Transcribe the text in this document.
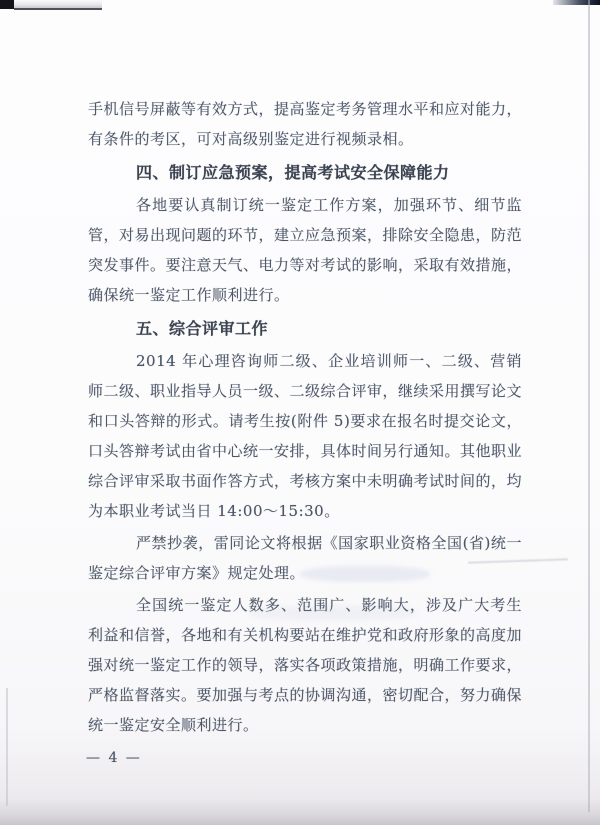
手机信号屏蔽等有效方式，提高鉴定考务管理水平和应对能力，有条件的考区，可对高级别鉴定进行视频录相。

四、制订应急预案，提高考试安全保障能力

各地要认真制订统一鉴定工作方案，加强环节、细节监管，对易出现问题的环节，建立应急预案，排除安全隐患，防范突发事件。要注意天气、电力等对考试的影响，采取有效措施，确保统一鉴定工作顺利进行。

五、综合评审工作

2014 年心理咨询师二级、企业培训师一、二级、营销师二级、职业指导人员一级、二级综合评审，继续采用撰写论文和口头答辩的形式。请考生按(附件 5)要求在报名时提交论文，口头答辩考试由省中心统一安排，具体时间另行通知。其他职业综合评审采取书面作答方式，考核方案中未明确考试时间的，均为本职业考试当日 14:00～15:30。

严禁抄袭，雷同论文将根据《国家职业资格全国(省)统一鉴定综合评审方案》规定处理。

全国统一鉴定人数多、范围广、影响大，涉及广大考生利益和信誉，各地和有关机构要站在维护党和政府形象的高度加强对统一鉴定工作的领导，落实各项政策措施，明确工作要求，严格监督落实。要加强与考点的协调沟通，密切配合，努力确保统一鉴定安全顺利进行。

— 4 —
